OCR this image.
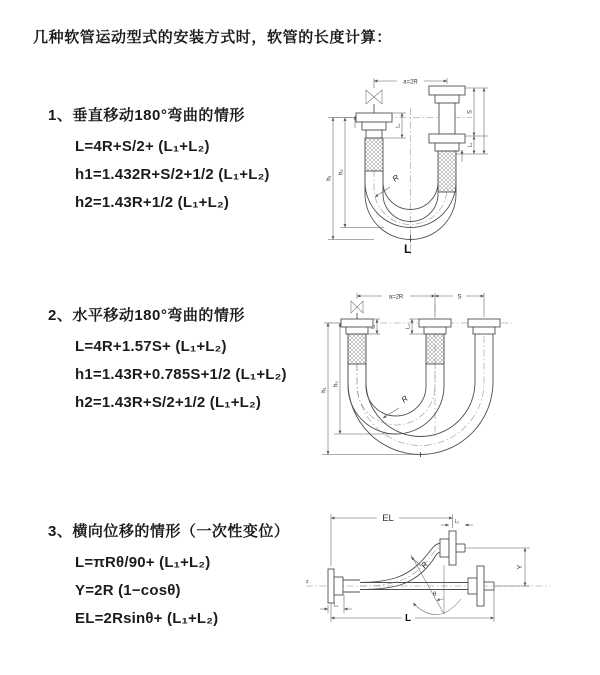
几种软管运动型式的安装方式时，软管的长度计算：
1、垂直移动180°弯曲的情形
L=4R+S/2+ (L₁+L₂)
h1=1.432R+S/2+1/2 (L₁+L₂)
h2=1.43R+1/2 (L₁+L₂)
a=2R
S
L₂
L₁
h₁
h₂
R
L
2、水平移动180°弯曲的情形
L=4R+1.57S+ (L₁+L₂)
h1=1.43R+0.785S+1/2 (L₁+L₂)
h2=1.43R+S/2+1/2 (L₁+L₂)
a=2R	S
h₁
h₂
L₁	L₂
R
3、横向位移的情形（一次性变位）
L=πRθ/90+ (L₁+L₂)
Y=2R (1−cosθ)
EL=2Rsinθ+ (L₁+L₂)
z
θ
R
EL	L₂
Y
L
L₁
